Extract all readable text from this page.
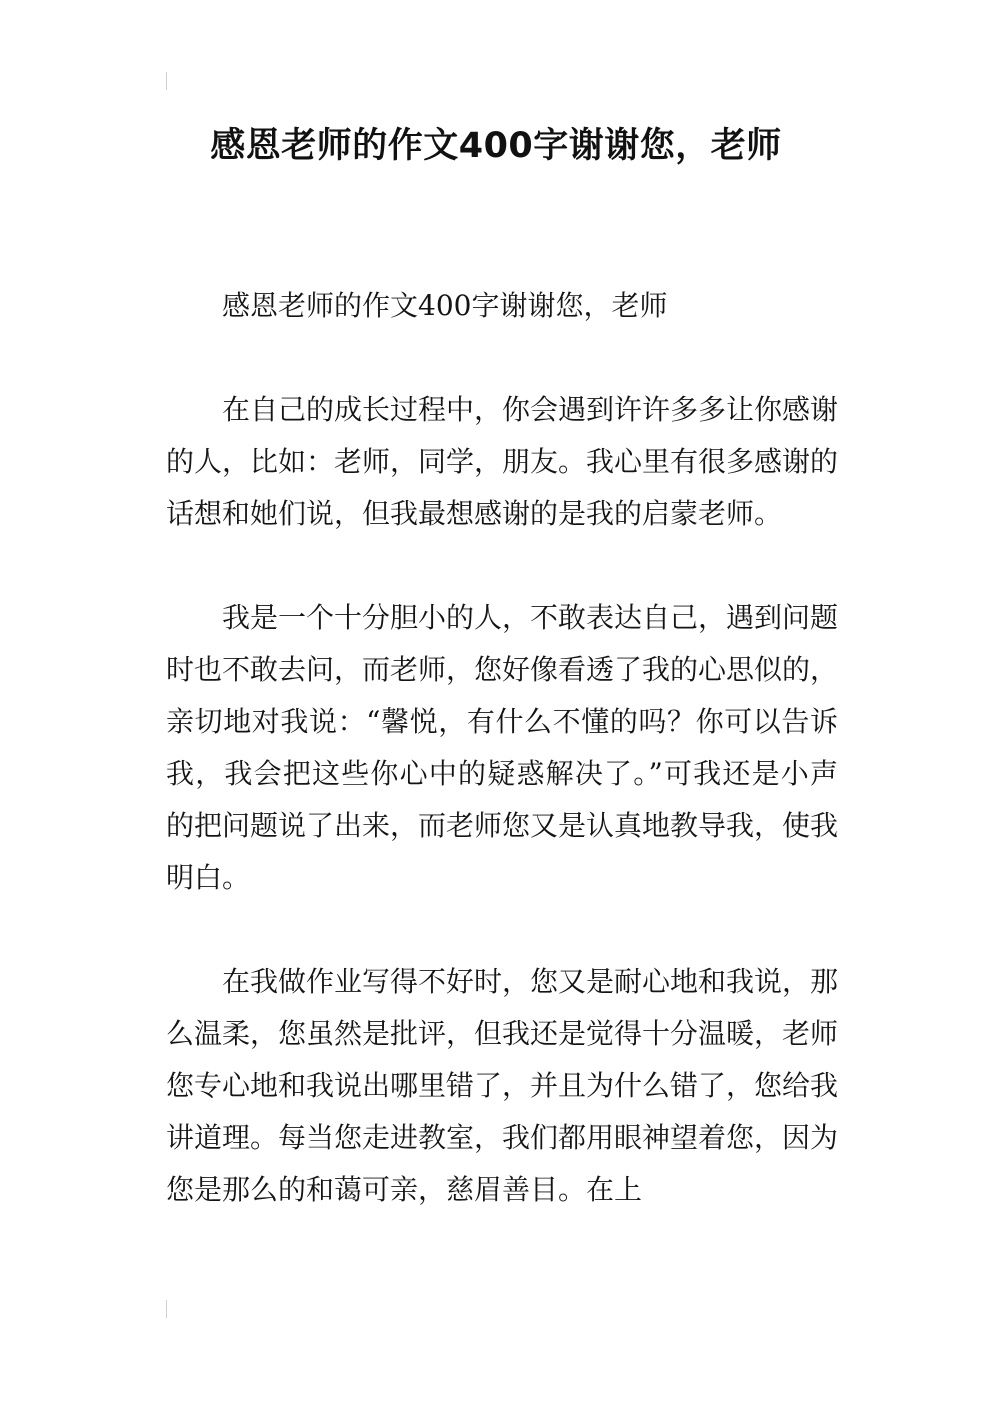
感恩老师的作文400字谢谢您，老师

感恩老师的作文400字谢谢您，老师

在自己的成长过程中，你会遇到许许多多让你感谢的人，比如：老师，同学，朋友。我心里有很多感谢的话想和她们说，但我最想感谢的是我的启蒙老师。

我是一个十分胆小的人，不敢表达自己，遇到问题时也不敢去问，而老师，您好像看透了我的心思似的，亲切地对我说：“馨悦，有什么不懂的吗？你可以告诉我，我会把这些你心中的疑惑解决了。”可我还是小声的把问题说了出来，而老师您又是认真地教导我，使我明白。

在我做作业写得不好时，您又是耐心地和我说，那么温柔，您虽然是批评，但我还是觉得十分温暖，老师您专心地和我说出哪里错了，并且为什么错了，您给我讲道理。每当您走进教室，我们都用眼神望着您，因为您是那么的和蔼可亲，慈眉善目。在上
